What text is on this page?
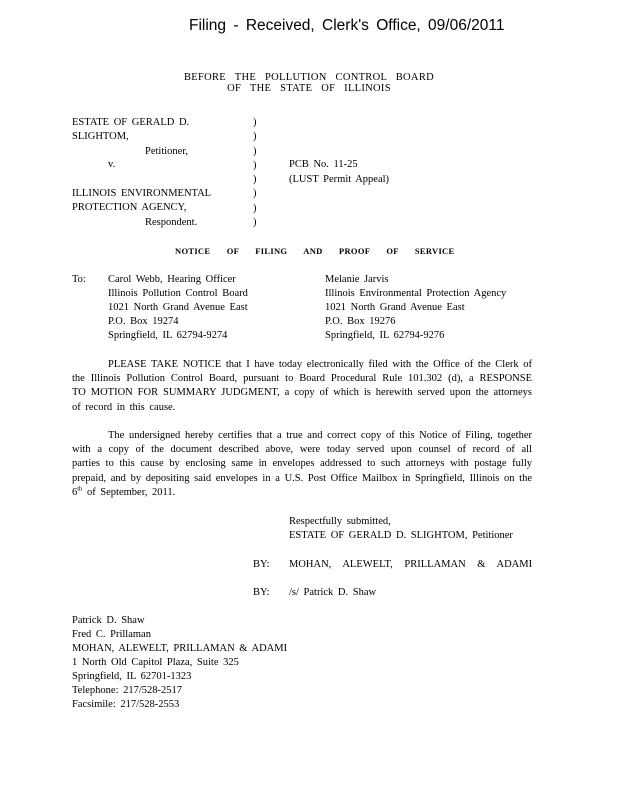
Filing - Received, Clerk's Office, 09/06/2011
BEFORE THE POLLUTION CONTROL BOARD
OF THE STATE OF ILLINOIS
ESTATE OF GERALD D.
SLIGHTOM,
Petitioner,
v.
ILLINOIS ENVIRONMENTAL
PROTECTION AGENCY,
Respondent.
)
)
)
)
)
)
)
)
PCB No. 11-25
(LUST Permit Appeal)
NOTICE OF FILING AND PROOF OF SERVICE
To: Carol Webb, Hearing Officer
Illinois Pollution Control Board
1021 North Grand Avenue East
P.O. Box 19274
Springfield, IL 62794-9274
Melanie Jarvis
Illinois Environmental Protection Agency
1021 North Grand Avenue East
P.O. Box 19276
Springfield, IL 62794-9276
PLEASE TAKE NOTICE that I have today electronically filed with the Office of the Clerk of the Illinois Pollution Control Board, pursuant to Board Procedural Rule 101.302 (d), a RESPONSE TO MOTION FOR SUMMARY JUDGMENT, a copy of which is herewith served upon the attorneys of record in this cause.
The undersigned hereby certifies that a true and correct copy of this Notice of Filing, together with a copy of the document described above, were today served upon counsel of record of all parties to this cause by enclosing same in envelopes addressed to such attorneys with postage fully prepaid, and by depositing said envelopes in a U.S. Post Office Mailbox in Springfield, Illinois on the 6th of September, 2011.
Respectfully submitted,
ESTATE OF GERALD D. SLIGHTOM, Petitioner
BY: MOHAN, ALEWELT, PRILLAMAN & ADAMI
BY: /s/ Patrick D. Shaw
Patrick D. Shaw
Fred C. Prillaman
MOHAN, ALEWELT, PRILLAMAN & ADAMI
1 North Old Capitol Plaza, Suite 325
Springfield, IL 62701-1323
Telephone: 217/528-2517
Facsimile: 217/528-2553
